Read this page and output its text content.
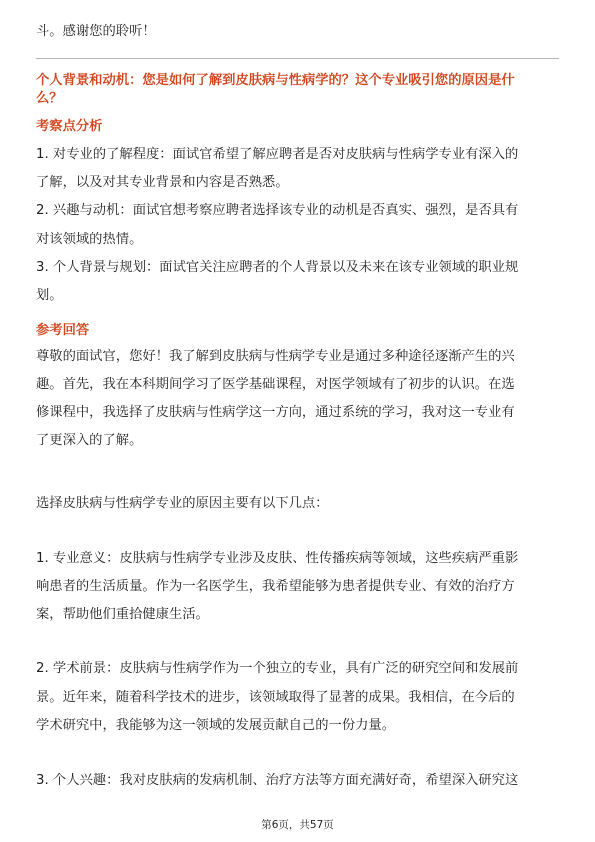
斗。感谢您的聆听！
个人背景和动机：您是如何了解到皮肤病与性病学的？这个专业吸引您的原因是什
么？
考察点分析
1. 对专业的了解程度：面试官希望了解应聘者是否对皮肤病与性病学专业有深入的
了解，以及对其专业背景和内容是否熟悉。
2. 兴趣与动机：面试官想考察应聘者选择该专业的动机是否真实、强烈，是否具有
对该领域的热情。
3. 个人背景与规划：面试官关注应聘者的个人背景以及未来在该专业领域的职业规
划。
参考回答
尊敬的面试官，您好！我了解到皮肤病与性病学专业是通过多种途径逐渐产生的兴
趣。首先，我在本科期间学习了医学基础课程，对医学领域有了初步的认识。在选
修课程中，我选择了皮肤病与性病学这一方向，通过系统的学习，我对这一专业有
了更深入的了解。
选择皮肤病与性病学专业的原因主要有以下几点：
1. 专业意义：皮肤病与性病学专业涉及皮肤、性传播疾病等领域，这些疾病严重影
响患者的生活质量。作为一名医学生，我希望能够为患者提供专业、有效的治疗方
案，帮助他们重拾健康生活。
2. 学术前景：皮肤病与性病学作为一个独立的专业，具有广泛的研究空间和发展前
景。近年来，随着科学技术的进步，该领域取得了显著的成果。我相信，在今后的
学术研究中，我能够为这一领域的发展贡献自己的一份力量。
3. 个人兴趣：我对皮肤病的发病机制、治疗方法等方面充满好奇，希望深入研究这
第6页，共57页
